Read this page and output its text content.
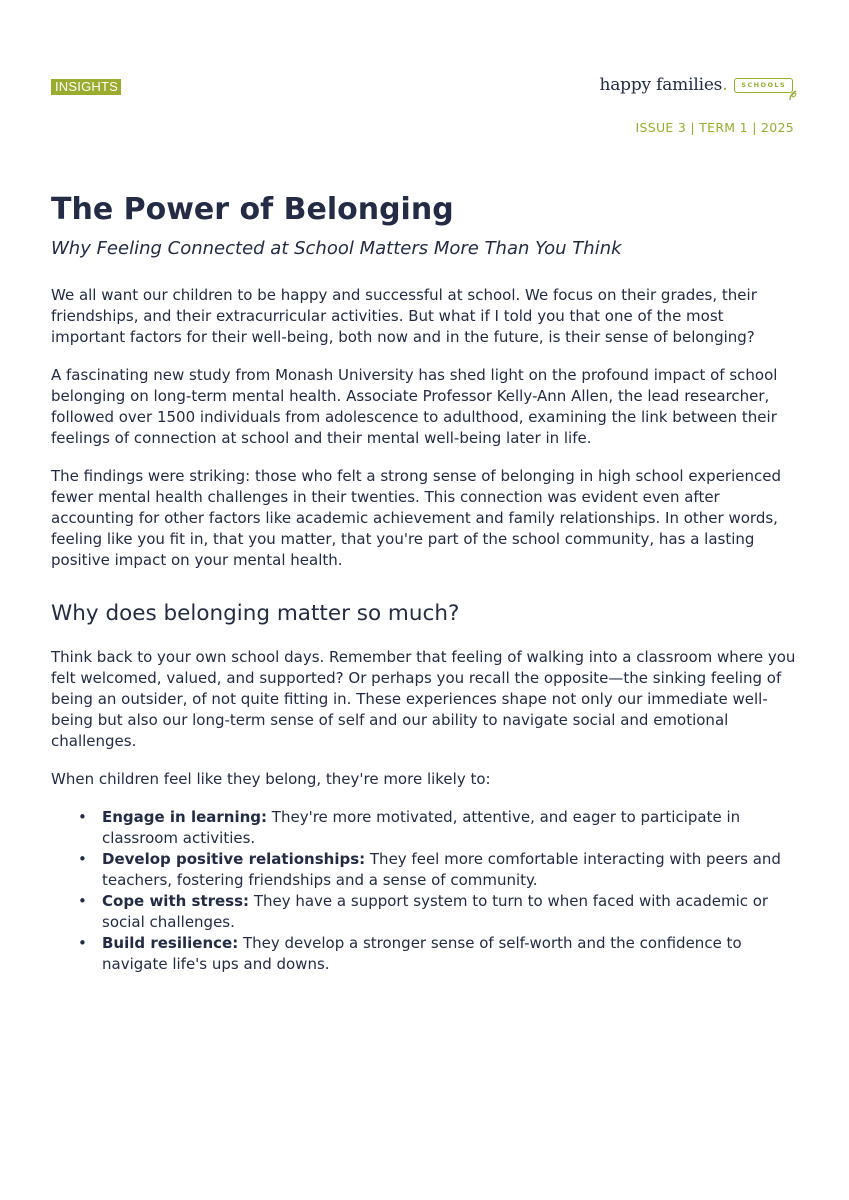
INSIGHTS	happy families.	SCHOOLS
ISSUE 3 | TERM 1 | 2025
The Power of Belonging
Why Feeling Connected at School Matters More Than You Think

We all want our children to be happy and successful at school. We focus on their grades, their friendships, and their extracurricular activities. But what if I told you that one of the most important factors for their well-being, both now and in the future, is their sense of belonging?

A fascinating new study from Monash University has shed light on the profound impact of school belonging on long-term mental health. Associate Professor Kelly-Ann Allen, the lead researcher, followed over 1500 individuals from adolescence to adulthood, examining the link between their feelings of connection at school and their mental well-being later in life.

The findings were striking: those who felt a strong sense of belonging in high school experienced fewer mental health challenges in their twenties. This connection was evident even after accounting for other factors like academic achievement and family relationships. In other words, feeling like you fit in, that you matter, that you're part of the school community, has a lasting positive impact on your mental health.

Why does belonging matter so much?

Think back to your own school days. Remember that feeling of walking into a classroom where you felt welcomed, valued, and supported? Or perhaps you recall the opposite—the sinking feeling of being an outsider, of not quite fitting in. These experiences shape not only our immediate well-being but also our long-term sense of self and our ability to navigate social and emotional challenges.

When children feel like they belong, they're more likely to:

• Engage in learning: They're more motivated, attentive, and eager to participate in classroom activities.
• Develop positive relationships: They feel more comfortable interacting with peers and teachers, fostering friendships and a sense of community.
• Cope with stress: They have a support system to turn to when faced with academic or social challenges.
• Build resilience: They develop a stronger sense of self-worth and the confidence to navigate life's ups and downs.
